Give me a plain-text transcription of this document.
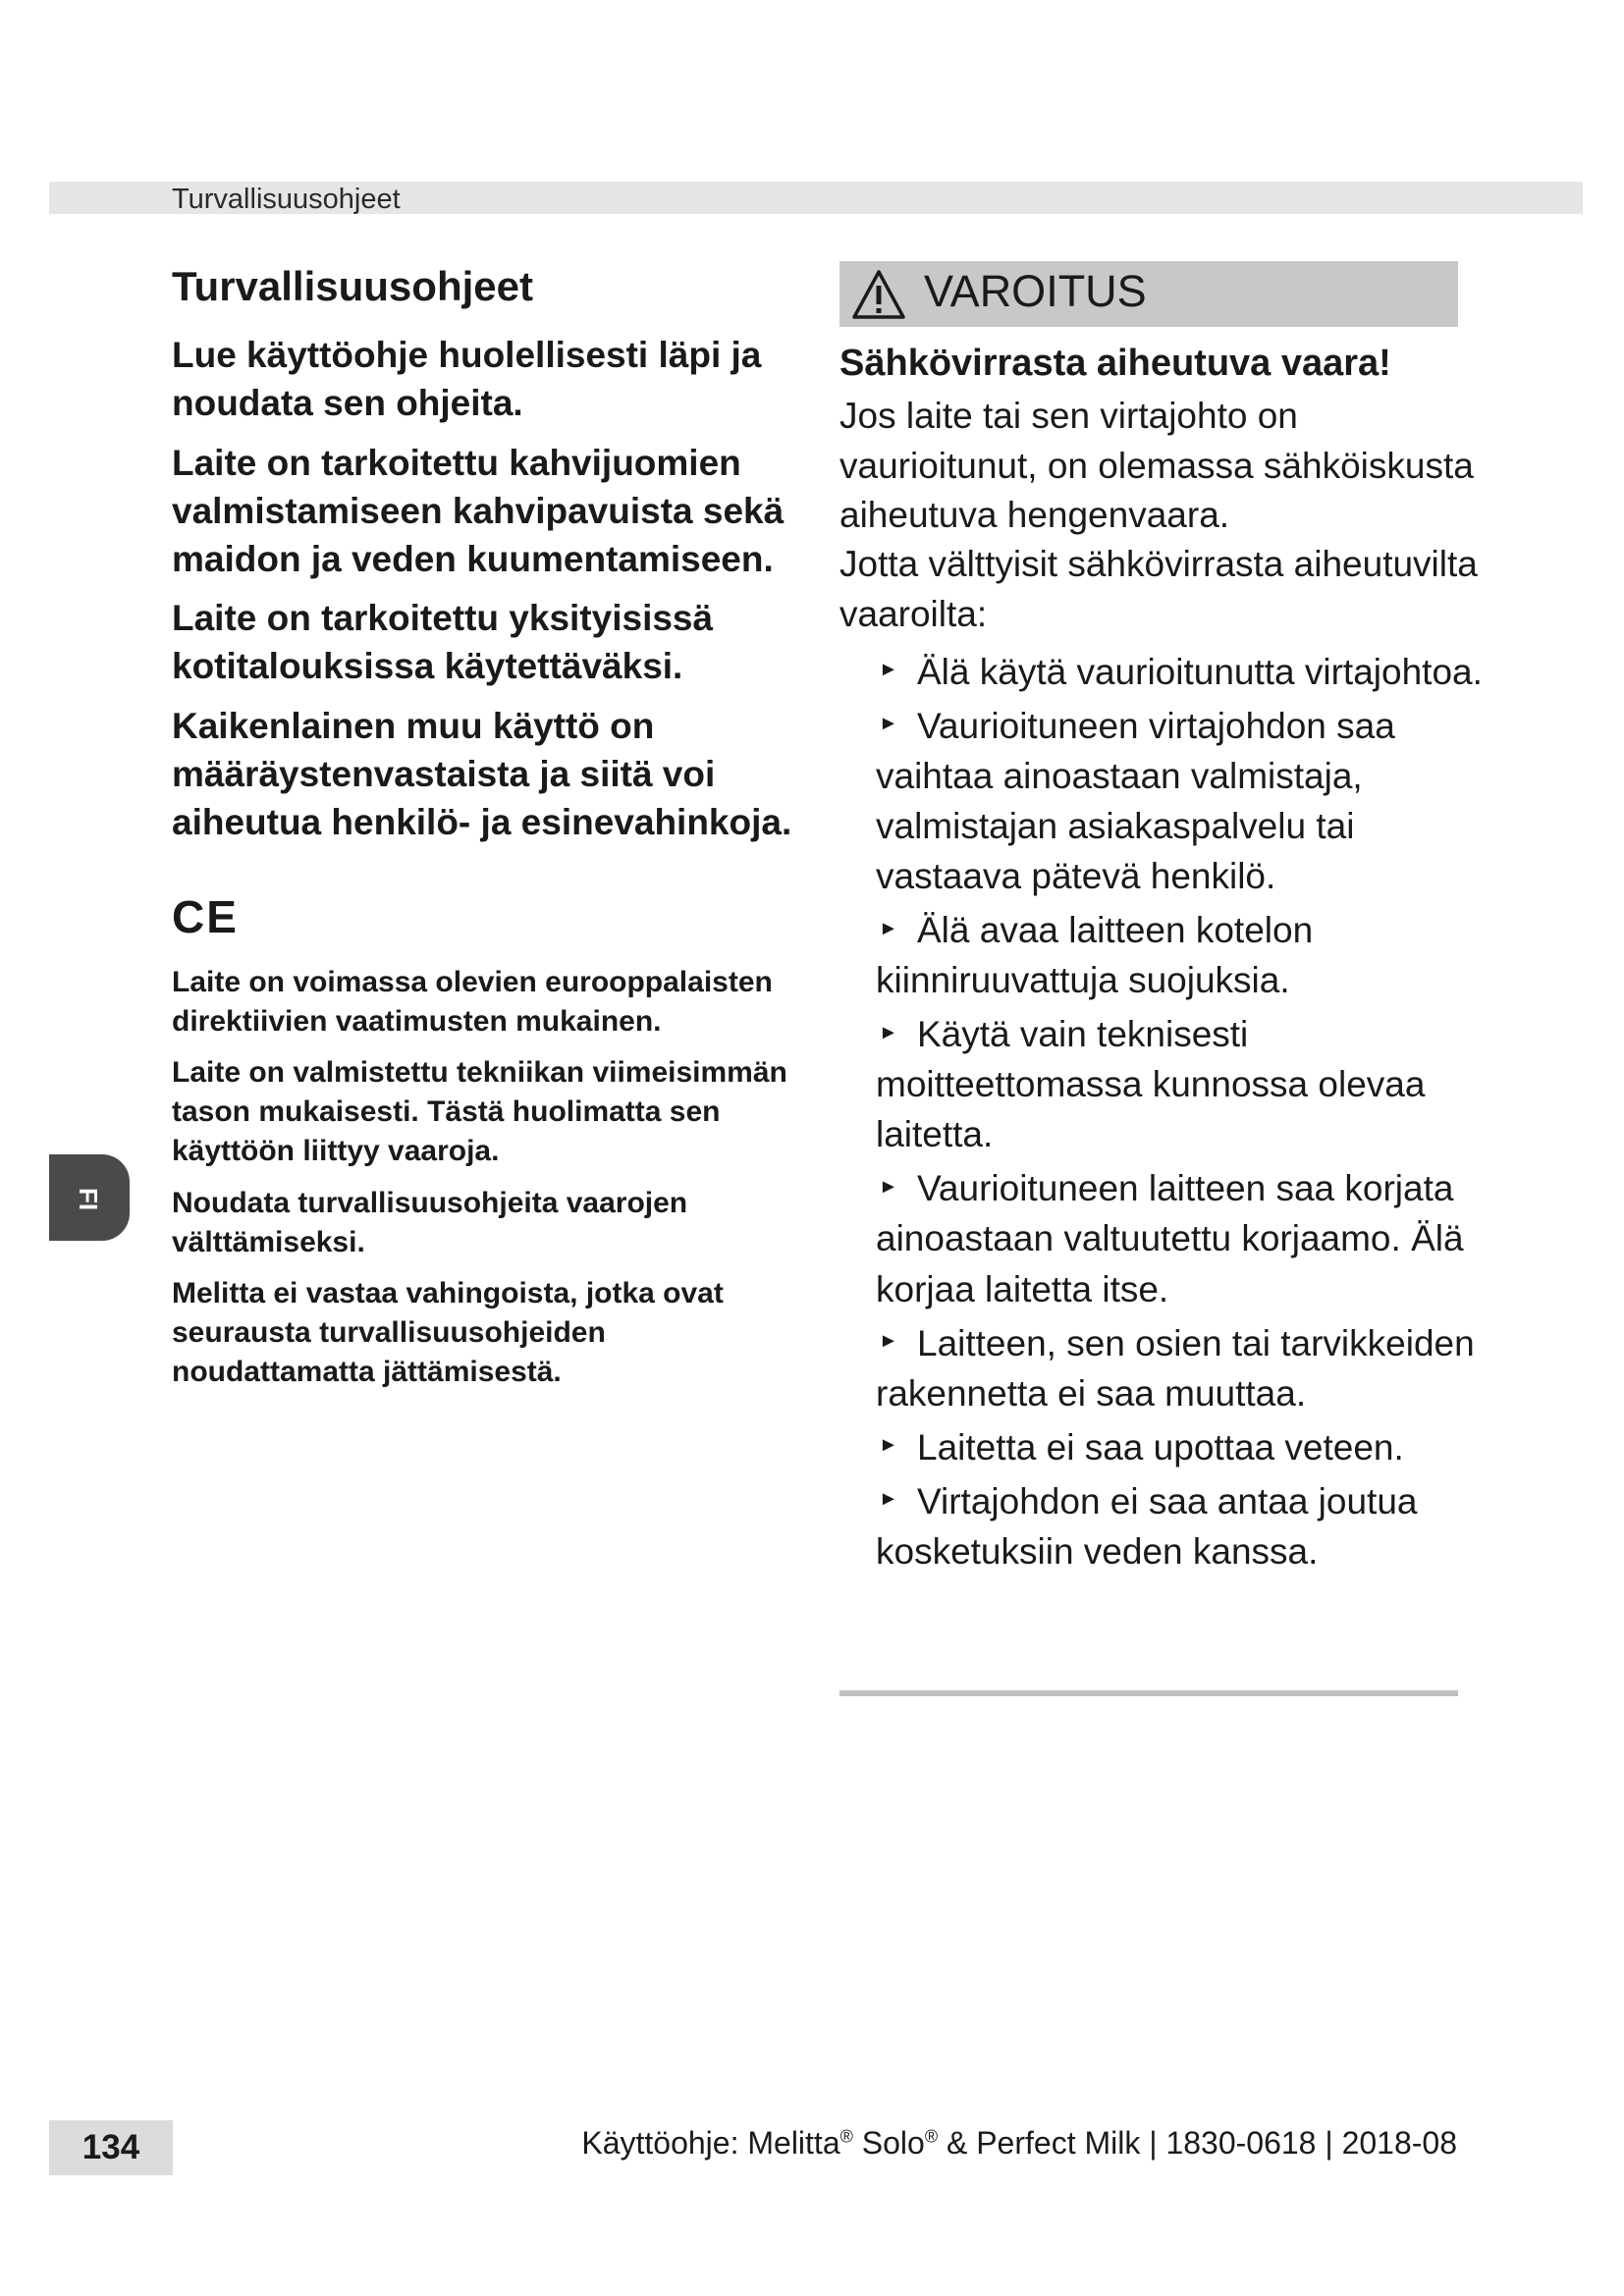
Turvallisuusohjeet
Turvallisuusohjeet

Lue käyttöohje huolellisesti läpi ja noudata sen ohjeita.

Laite on tarkoitettu kahvijuomien valmistamiseen kahvipavuista sekä maidon ja veden kuumentamiseen.

Laite on tarkoitettu yksityisissä kotitalouksissa käytettäväksi.

Kaikenlainen muu käyttö on määräystenvastaista ja siitä voi aiheutua henkilö- ja esinevahinkoja.

CE

Laite on voimassa olevien eurooppalaisten direktiivien vaatimusten mukainen.

Laite on valmistettu tekniikan viimeisimmän tason mukaisesti. Tästä huolimatta sen käyttöön liittyy vaaroja.

Noudata turvallisuusohjeita vaarojen välttämiseksi.

Melitta ei vastaa vahingoista, jotka ovat seurausta turvallisuusohjeiden noudattamatta jättämisestä.

FI
VAROITUS

Sähkövirrasta aiheutuva vaara!

Jos laite tai sen virtajohto on vaurioitunut, on olemassa sähköiskusta aiheutuva hengenvaara.

Jotta välttyisit sähkövirrasta aiheutuvilta vaaroilta:

► Älä käytä vaurioitunutta virtajohtoa.
► Vaurioituneen virtajohdon saa vaihtaa ainoastaan valmistaja, valmistajan asiakaspalvelu tai vastaava pätevä henkilö.
► Älä avaa laitteen kotelon kiinniruuvattuja suojuksia.
► Käytä vain teknisesti moitteettomassa kunnossa olevaa laitetta.
► Vaurioituneen laitteen saa korjata ainoastaan valtuutettu korjaamo. Älä korjaa laitetta itse.
► Laitteen, sen osien tai tarvikkeiden rakennetta ei saa muuttaa.
► Laitetta ei saa upottaa veteen.
► Virtajohdon ei saa antaa joutua kosketuksiin veden kanssa.
134	Käyttöohje: Melitta® Solo® & Perfect Milk | 1830-0618 | 2018-08
